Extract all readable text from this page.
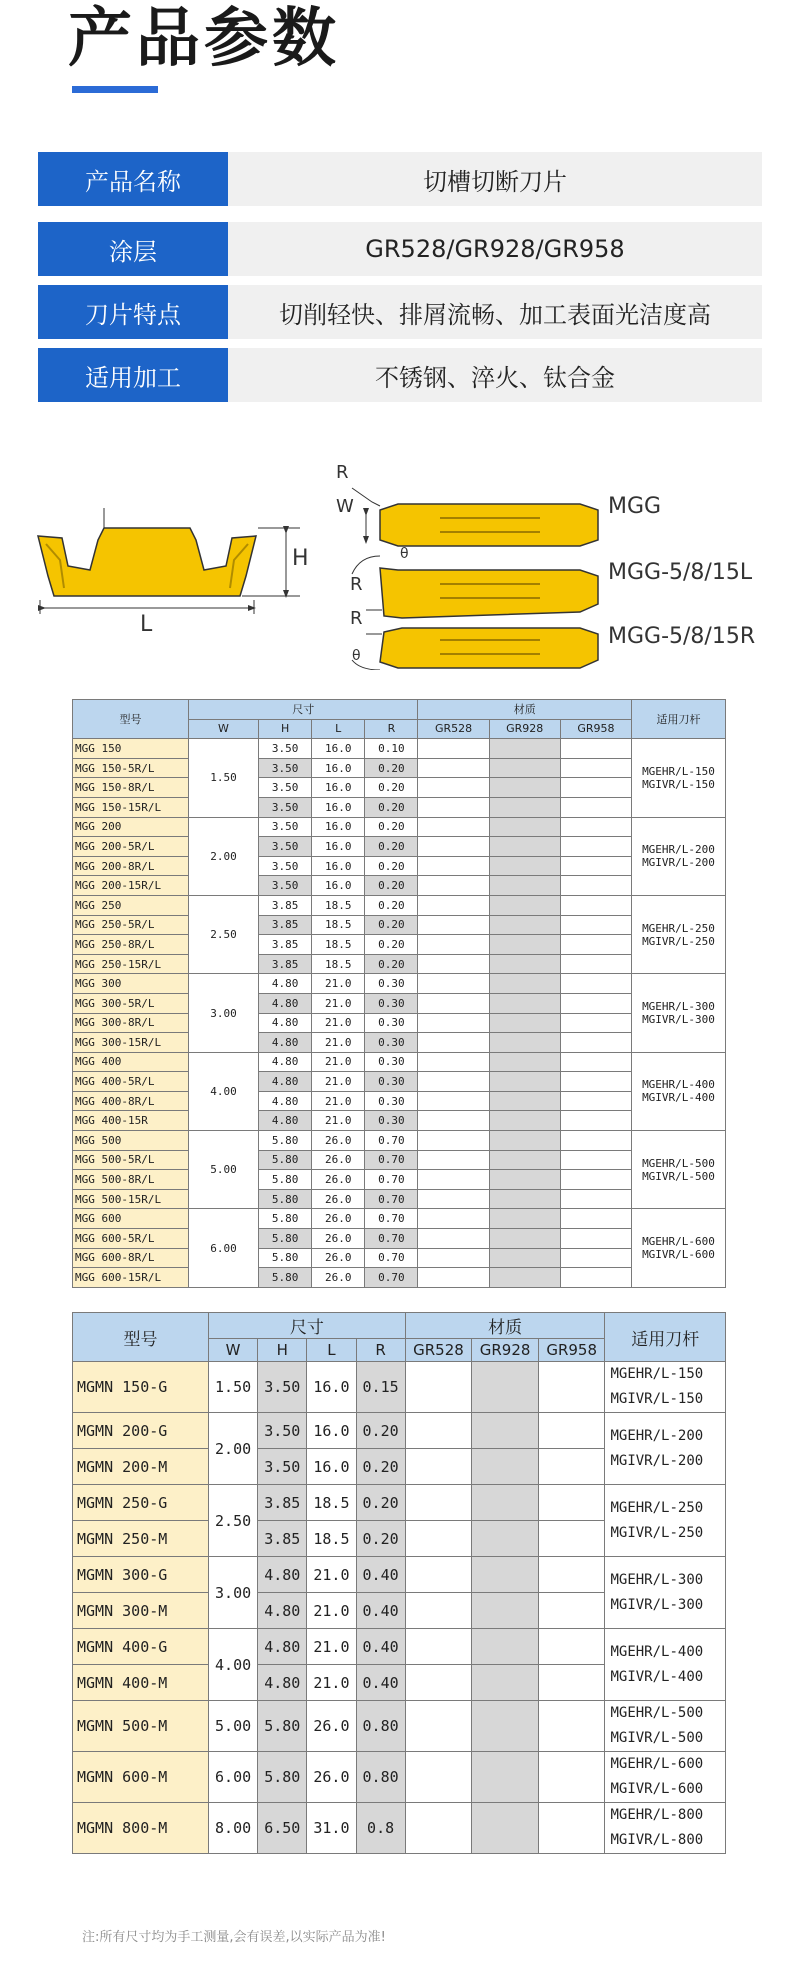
产品参数
产品名称	切槽切断刀片
涂层	GR528/GR928/GR958
刀片特点	切削轻快、排屑流畅、加工表面光洁度高
适用加工	不锈钢、淬火、钛合金
H
L
R
W
θ
R
R
θ
MGG
MGG-5/8/15L
MGG-5/8/15R
型号	尺寸				材质			适用刀杆
	W	H	L	R	GR528	GR928	GR958	
MGG 150	1.50	3.50	16.0	0.10				MGEHR/L-150
MGIVR/L-150

MGG 150-5R/L		3.50	16.0	0.20				
MGG 150-8R/L		3.50	16.0	0.20				
MGG 150-15R/L		3.50	16.0	0.20				
MGG 200	2.00	3.50	16.0	0.20				MGEHR/L-200
MGIVR/L-200

MGG 200-5R/L		3.50	16.0	0.20				
MGG 200-8R/L		3.50	16.0	0.20				
MGG 200-15R/L		3.50	16.0	0.20				
MGG 250	2.50	3.85	18.5	0.20				MGEHR/L-250
MGIVR/L-250

MGG 250-5R/L		3.85	18.5	0.20				
MGG 250-8R/L		3.85	18.5	0.20				
MGG 250-15R/L		3.85	18.5	0.20				
MGG 300	3.00	4.80	21.0	0.30				MGEHR/L-300
MGIVR/L-300

MGG 300-5R/L		4.80	21.0	0.30				
MGG 300-8R/L		4.80	21.0	0.30				
MGG 300-15R/L		4.80	21.0	0.30				
MGG 400	4.00	4.80	21.0	0.30				MGEHR/L-400
MGIVR/L-400

MGG 400-5R/L		4.80	21.0	0.30				
MGG 400-8R/L		4.80	21.0	0.30				
MGG 400-15R		4.80	21.0	0.30				
MGG 500	5.00	5.80	26.0	0.70				MGEHR/L-500
MGIVR/L-500

MGG 500-5R/L		5.80	26.0	0.70				
MGG 500-8R/L		5.80	26.0	0.70				
MGG 500-15R/L		5.80	26.0	0.70				
MGG 600	6.00	5.80	26.0	0.70				MGEHR/L-600
MGIVR/L-600

MGG 600-5R/L		5.80	26.0	0.70				
MGG 600-8R/L		5.80	26.0	0.70				
MGG 600-15R/L		5.80	26.0	0.70				
型号	尺寸				材质			适用刀杆
	W	H	L	R	GR528	GR928	GR958	
MGMN 150-G	1.50	3.50	16.0	0.15				MGEHR/L-150
MGIVR/L-150

MGMN 200-G	2.00	3.50	16.0	0.20				MGEHR/L-200
MGIVR/L-200

MGMN 200-M		3.50	16.0	0.20				
MGMN 250-G	2.50	3.85	18.5	0.20				MGEHR/L-250
MGIVR/L-250

MGMN 250-M		3.85	18.5	0.20				
MGMN 300-G	3.00	4.80	21.0	0.40				MGEHR/L-300
MGIVR/L-300

MGMN 300-M		4.80	21.0	0.40				
MGMN 400-G	4.00	4.80	21.0	0.40				MGEHR/L-400
MGIVR/L-400

MGMN 400-M		4.80	21.0	0.40				
MGMN 500-M	5.00	5.80	26.0	0.80				MGEHR/L-500
MGIVR/L-500

MGMN 600-M	6.00	5.80	26.0	0.80				MGEHR/L-600
MGIVR/L-600

MGMN 800-M	8.00	6.50	31.0	0.8				MGEHR/L-800
MGIVR/L-800
注:所有尺寸均为手工测量,会有误差,以实际产品为准!
